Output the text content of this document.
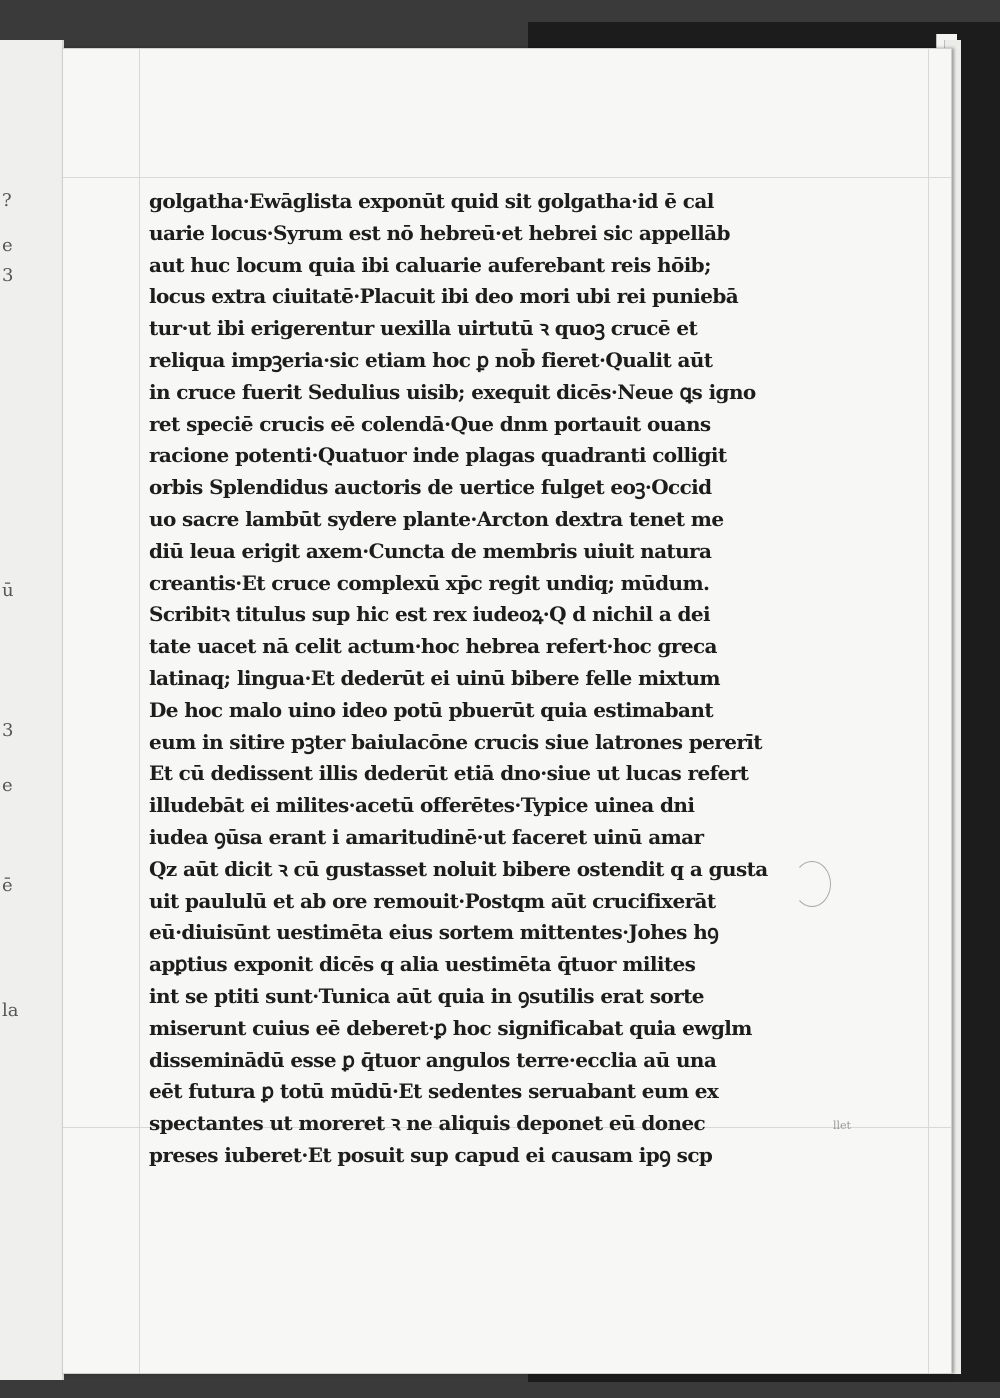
?
e
3
ū
3
e
ē
la
golgatha·Ewāglista exponūt quid sit golgatha·id ē cal
uarie locus·Syrum est nō hebreū·et hebrei sic appellāb
aut huc locum quia ibi caluarie auferebant reis hōib;
locus extra ciuitatē·Placuit ibi deo mori ubi rei puniebā
tur·ut ibi erigerentur uexilla uirtutū ꝛ quoꝫ crucē et
reliqua impꝫeria·sic etiam hoc ꝑ nob̄ fieret·Qualit aūt
in cruce fuerit Sedulius uisib; exequit dicēs·Neue ꝗs igno
ret speciē crucis eē colendā·Que dnm portauit ouans
racione potenti·Quatuor inde plagas quadranti colligit
orbis Splendidus auctoris de uertice fulget eoꝫ·Occid
uo sacre lambūt sydere plante·Arcton dextra tenet me
diū leua erigit axem·Cuncta de membris uiuit natura
creantis·Et cruce complexū xp̄c regit undiq; mūdum.
Scribitꝛ titulus sup hic est rex iudeoꝝ·Q d nichil a dei
tate uacet nā celit actum·hoc hebrea refert·hoc greca
latinaq; lingua·Et dederūt ei uinū bibere felle mixtum
De hoc malo uino ideo potū pbuerūt quia estimabant
eum in sitire pꝫter baiulacōne crucis siue latrones pererīt
Et cū dedissent illis dederūt etiā dno·siue ut lucas refert
illudebāt ei milites·acetū offerētes·Typice uinea dni
iudea ꝯūsa erant i amaritudinē·ut faceret uinū amar
Qz aūt dicit ꝛ cū gustasset noluit bibere ostendit q a gusta
uit paululū et ab ore remouit·Postqm aūt crucifixerāt
eū·diuisūnt uestimēta eius sortem mittentes·Johes hꝯ
apꝑtius exponit dicēs q alia uestimēta q̄tuor milites
int se ptiti sunt·Tunica aūt quia in ꝯsutilis erat sorte
miserunt cuius eē deberet·ꝑ hoc significabat quia ewglm
disseminādū esse ꝑ q̄tuor angulos terre·ecclia aū una
eēt futura ꝑ totū mūdū·Et sedentes seruabant eum ex
spectantes ut moreret ꝛ ne aliquis deponet eū donec
preses iuberet·Et posuit sup capud ei causam ipꝯ scp
llet
